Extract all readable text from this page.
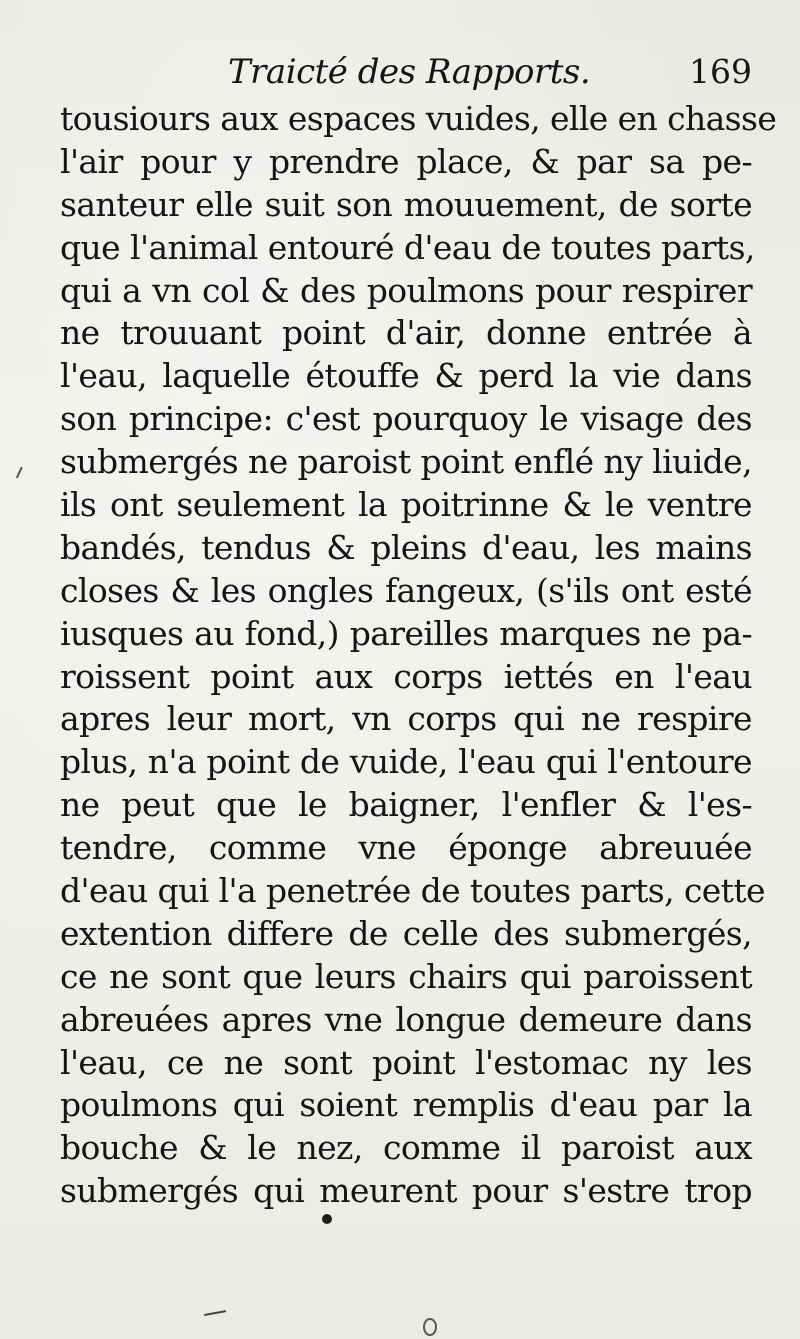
Traicté des Rapports.	169
tousiours aux espaces vuides, elle en chasse
l'air pour y prendre place, & par sa pe-
santeur elle suit son mouuement, de sorte
que l'animal entouré d'eau de toutes parts,
qui a vn col & des poulmons pour respirer
ne trouuant point d'air, donne entrée à
l'eau, laquelle étouffe & perd la vie dans
son principe: c'est pourquoy le visage des
submergés ne paroist point enflé ny liuide,
ils ont seulement la poitrinne & le ventre
bandés, tendus & pleins d'eau, les mains
closes & les ongles fangeux, (s'ils ont esté
iusques au fond,) pareilles marques ne pa-
roissent point aux corps iettés en l'eau
apres leur mort, vn corps qui ne respire
plus, n'a point de vuide, l'eau qui l'entoure
ne peut que le baigner, l'enfler & l'es-
tendre, comme vne éponge abreuuée
d'eau qui l'a penetrée de toutes parts, cette
extention differe de celle des submergés,
ce ne sont que leurs chairs qui paroissent
abreuées apres vne longue demeure dans
l'eau, ce ne sont point l'estomac ny les
poulmons qui soient remplis d'eau par la
bouche & le nez, comme il paroist aux
submergés qui meurent pour s'estre trop
